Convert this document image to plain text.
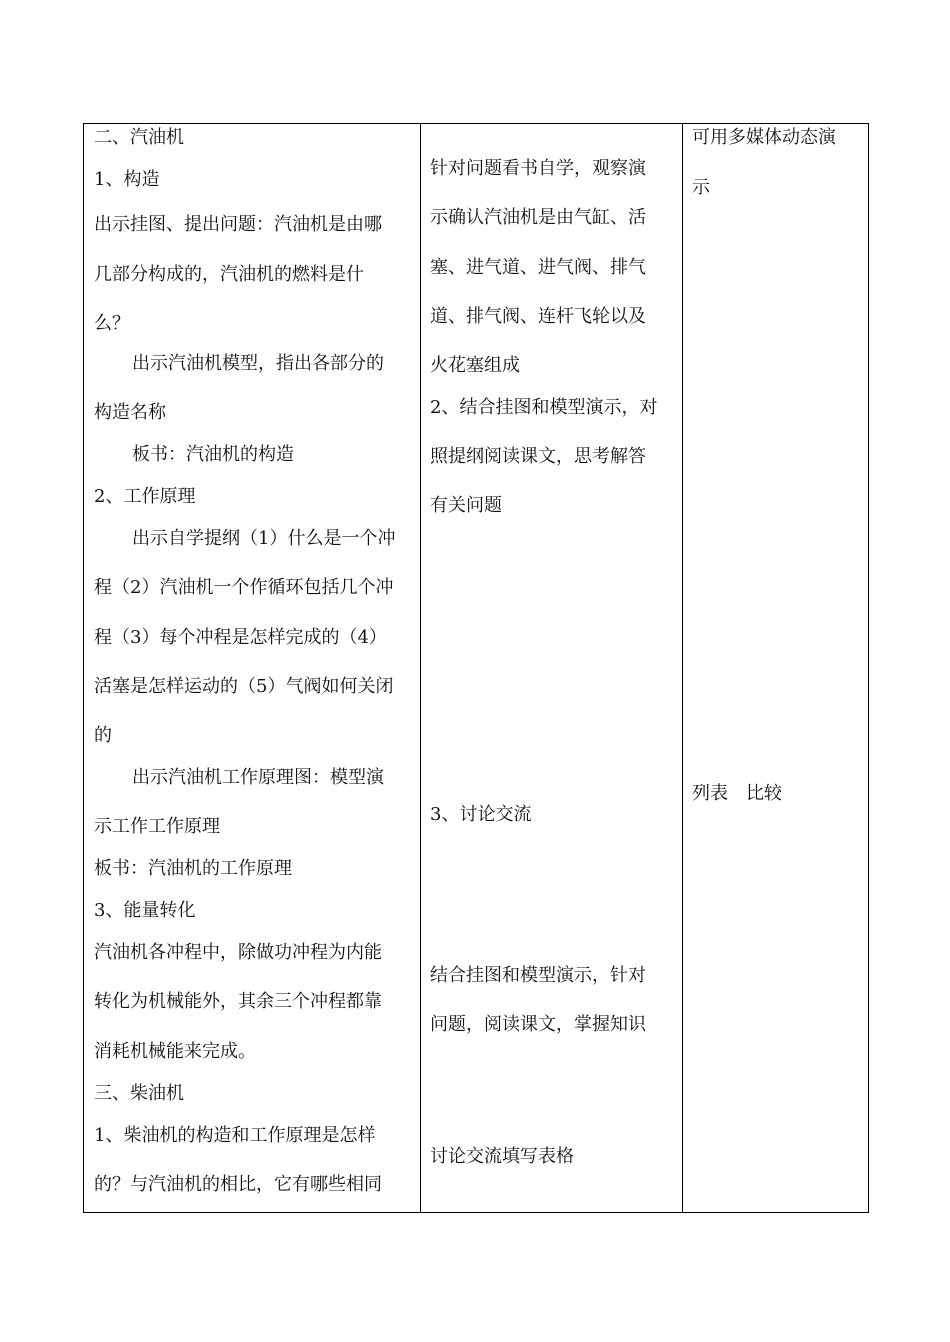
二、汽油机
1、构造
出示挂图、提出问题：汽油机是由哪
几部分构成的，汽油机的燃料是什
么？
出示汽油机模型，指出各部分的
构造名称
板书：汽油机的构造
2、工作原理
出示自学提纲（1）什么是一个冲
程（2）汽油机一个作循环包括几个冲
程（3）每个冲程是怎样完成的（4）
活塞是怎样运动的（5）气阀如何关闭
的
出示汽油机工作原理图：模型演
示工作工作原理
板书：汽油机的工作原理
3、能量转化
汽油机各冲程中，除做功冲程为内能
转化为机械能外，其余三个冲程都靠
消耗机械能来完成。
三、柴油机
1、柴油机的构造和工作原理是怎样
的？与汽油机的相比，它有哪些相同
针对问题看书自学，观察演
示确认汽油机是由气缸、活
塞、进气道、进气阀、排气
道、排气阀、连杆飞轮以及
火花塞组成
2、结合挂图和模型演示，对
照提纲阅读课文，思考解答
有关问题
3、讨论交流
结合挂图和模型演示，针对
问题，阅读课文，掌握知识
讨论交流填写表格
可用多媒体动态演
示
列表　比较
